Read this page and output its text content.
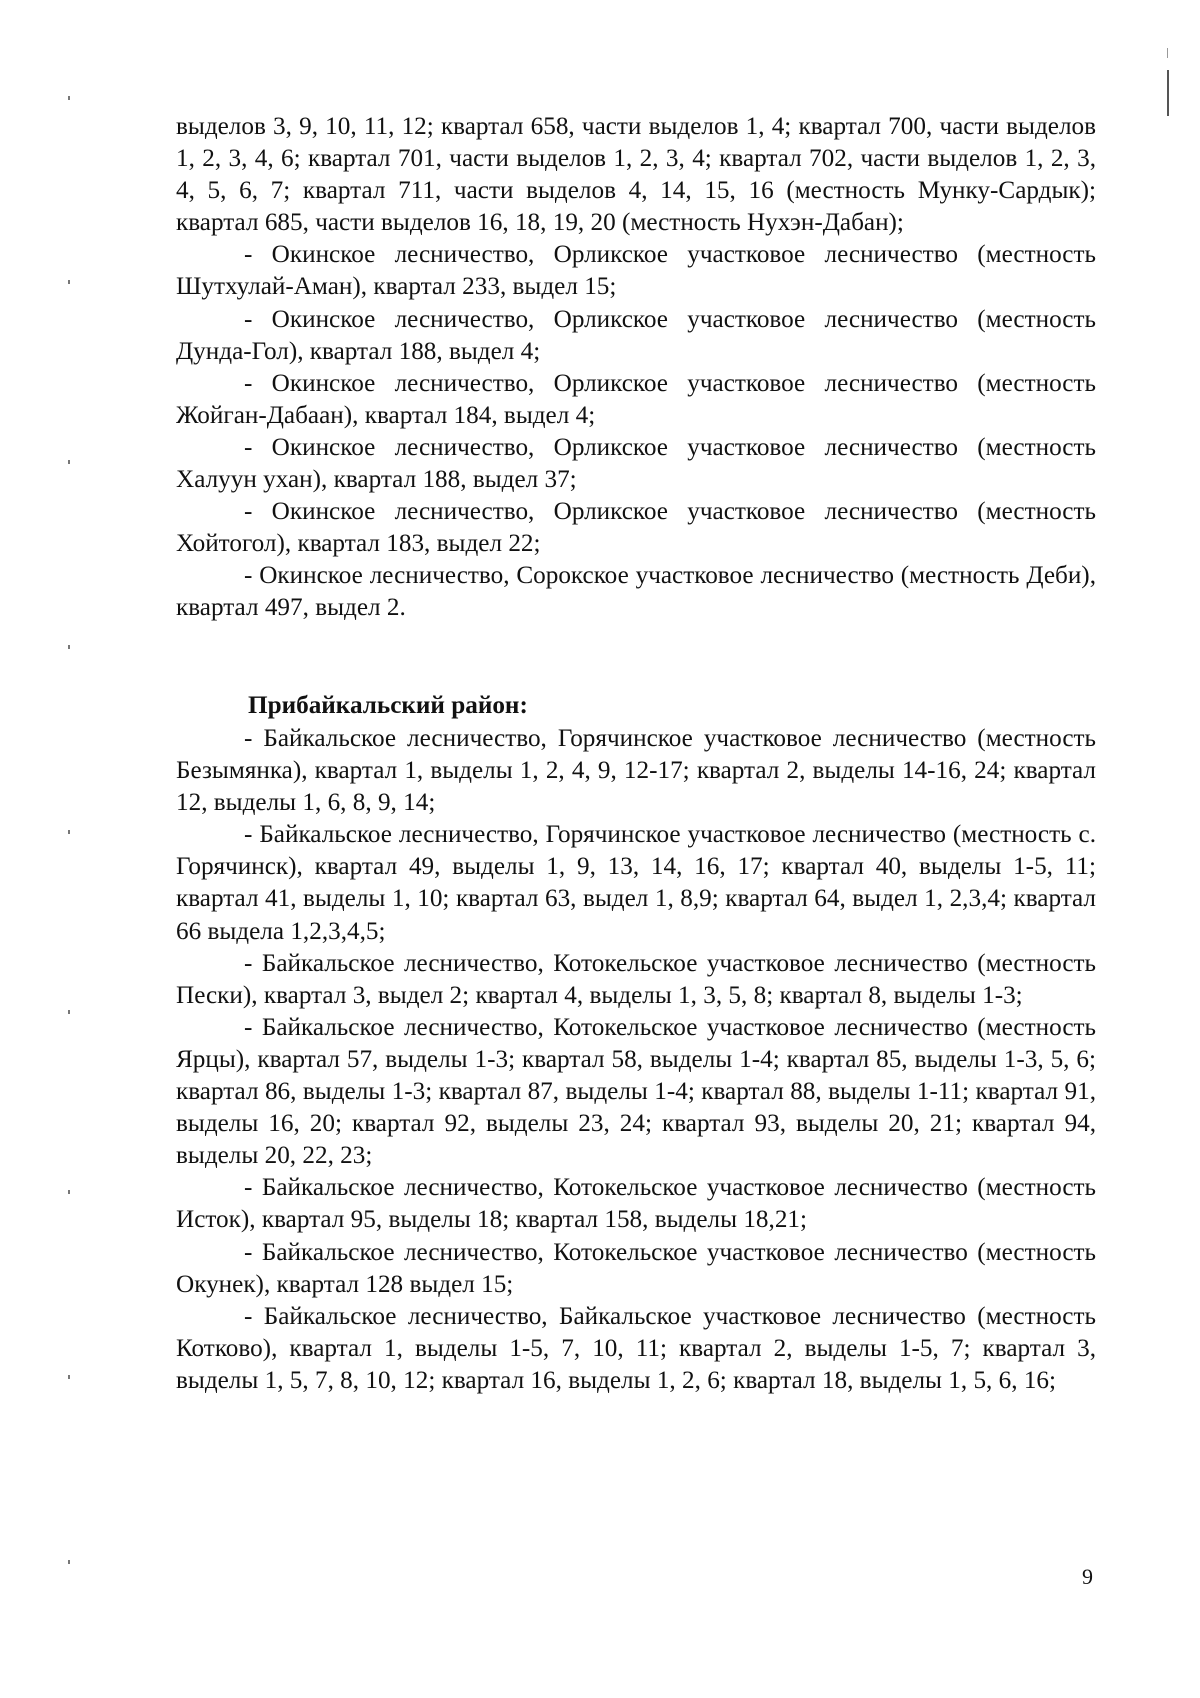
выделов 3, 9, 10, 11, 12; квартал 658, части выделов 1, 4; квартал 700, части выделов 1, 2, 3, 4, 6; квартал 701, части выделов 1, 2, 3, 4; квартал 702, части выделов 1, 2, 3, 4, 5, 6, 7; квартал 711, части выделов 4, 14, 15, 16 (местность Мунку-Сардык); квартал 685, части выделов 16, 18, 19, 20 (местность Нухэн-Дабан);

- Окинское лесничество, Орликское участковое лесничество (местность Шутхулай-Аман), квартал 233, выдел 15;

- Окинское лесничество, Орликское участковое лесничество (местность Дунда-Гол), квартал 188, выдел 4;

- Окинское лесничество, Орликское участковое лесничество (местность Жойган-Дабаан), квартал 184, выдел 4;

- Окинское лесничество, Орликское участковое лесничество (местность Халуун ухан), квартал 188, выдел 37;

- Окинское лесничество, Орликское участковое лесничество (местность Хойтогол), квартал 183, выдел 22;

- Окинское лесничество, Сорокское участковое лесничество (местность Деби), квартал 497, выдел 2.

Прибайкальский район:

- Байкальское лесничество, Горячинское участковое лесничество (местность Безымянка), квартал 1, выделы 1, 2, 4, 9, 12-17; квартал 2, выделы 14-16, 24; квартал 12, выделы 1, 6, 8, 9, 14;

- Байкальское лесничество, Горячинское участковое лесничество (местность с. Горячинск), квартал 49, выделы 1, 9, 13, 14, 16, 17; квартал 40, выделы 1-5, 11; квартал 41, выделы 1, 10; квартал 63, выдел 1, 8,9; квартал 64, выдел 1, 2,3,4; квартал 66 выдела 1,2,3,4,5;

- Байкальское лесничество, Котокельское участковое лесничество (местность Пески), квартал 3, выдел 2; квартал 4, выделы 1, 3, 5, 8; квартал 8, выделы 1-3;

- Байкальское лесничество, Котокельское участковое лесничество (местность Ярцы), квартал 57, выделы 1-3; квартал 58, выделы 1-4; квартал 85, выделы 1-3, 5, 6; квартал 86, выделы 1-3; квартал 87, выделы 1-4; квартал 88, выделы 1-11; квартал 91, выделы 16, 20; квартал 92, выделы 23, 24; квартал 93, выделы 20, 21; квартал 94, выделы 20, 22, 23;

- Байкальское лесничество, Котокельское участковое лесничество (местность Исток), квартал 95, выделы 18; квартал 158, выделы 18,21;

- Байкальское лесничество, Котокельское участковое лесничество (местность Окунек), квартал 128 выдел 15;

- Байкальское лесничество, Байкальское участковое лесничество (местность Котково), квартал 1, выделы 1-5, 7, 10, 11; квартал 2, выделы 1-5, 7; квартал 3, выделы 1, 5, 7, 8, 10, 12; квартал 16, выделы 1, 2, 6; квартал 18, выделы 1, 5, 6, 16;

9
